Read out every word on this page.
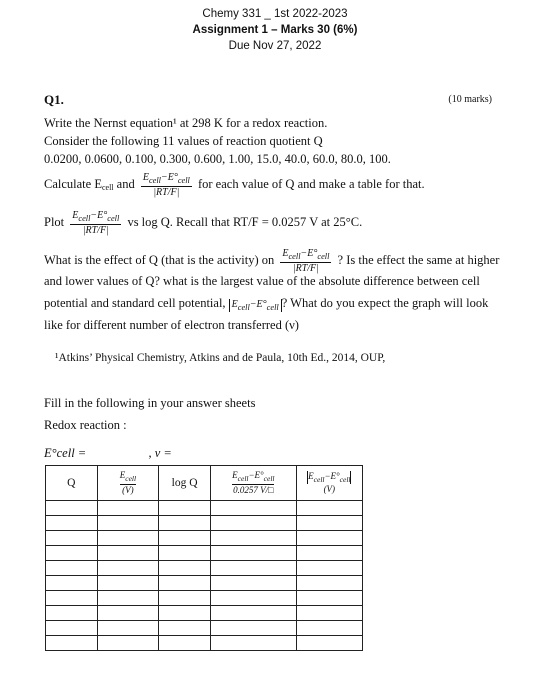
Chemy 331 _ 1st 2022-2023
Assignment 1 – Marks 30 (6%)
Due Nov 27, 2022
Q1.	(10 marks)
Write the Nernst equation¹ at 298 K for a redox reaction.
Consider the following 11 values of reaction quotient Q
0.0200, 0.0600, 0.100, 0.300, 0.600, 1.00, 15.0, 40.0, 60.0, 80.0, 100.
Calculate $E_{cell}$ and $\frac{E_{cell}-E^\circ_{cell}}{|RT/F|}$ for each value of Q and make a table for that.
Plot $\frac{E_{cell}-E^\circ_{cell}}{|RT/F|}$ vs log Q. Recall that RT/F = 0.0257 V at 25°C.
What is the effect of Q (that is the activity) on $\frac{E_{cell}-E^\circ_{cell}}{|RT/F|}$ ? Is the effect the same at higher
and lower values of Q? what is the largest value of the absolute difference between cell
potential and standard cell potential, $E_{cell}-E^\circ_{cell}$ ? What do you expect the graph will look
like for different number of electron transferred (ν)
¹Atkins’ Physical Chemistry, Atkins and de Paula, 10th Ed., 2014, OUP,
Fill in the following in your answer sheets
Redox reaction :
E°cell =	, ν =
Q	$\frac{E_{cell}}{(V)}$	log Q	$\frac{E_{cell}-E^\circ_{cell}}{0.0257 V/□}$	$E_{cell}-E^\circ_{cell}$
(V)
